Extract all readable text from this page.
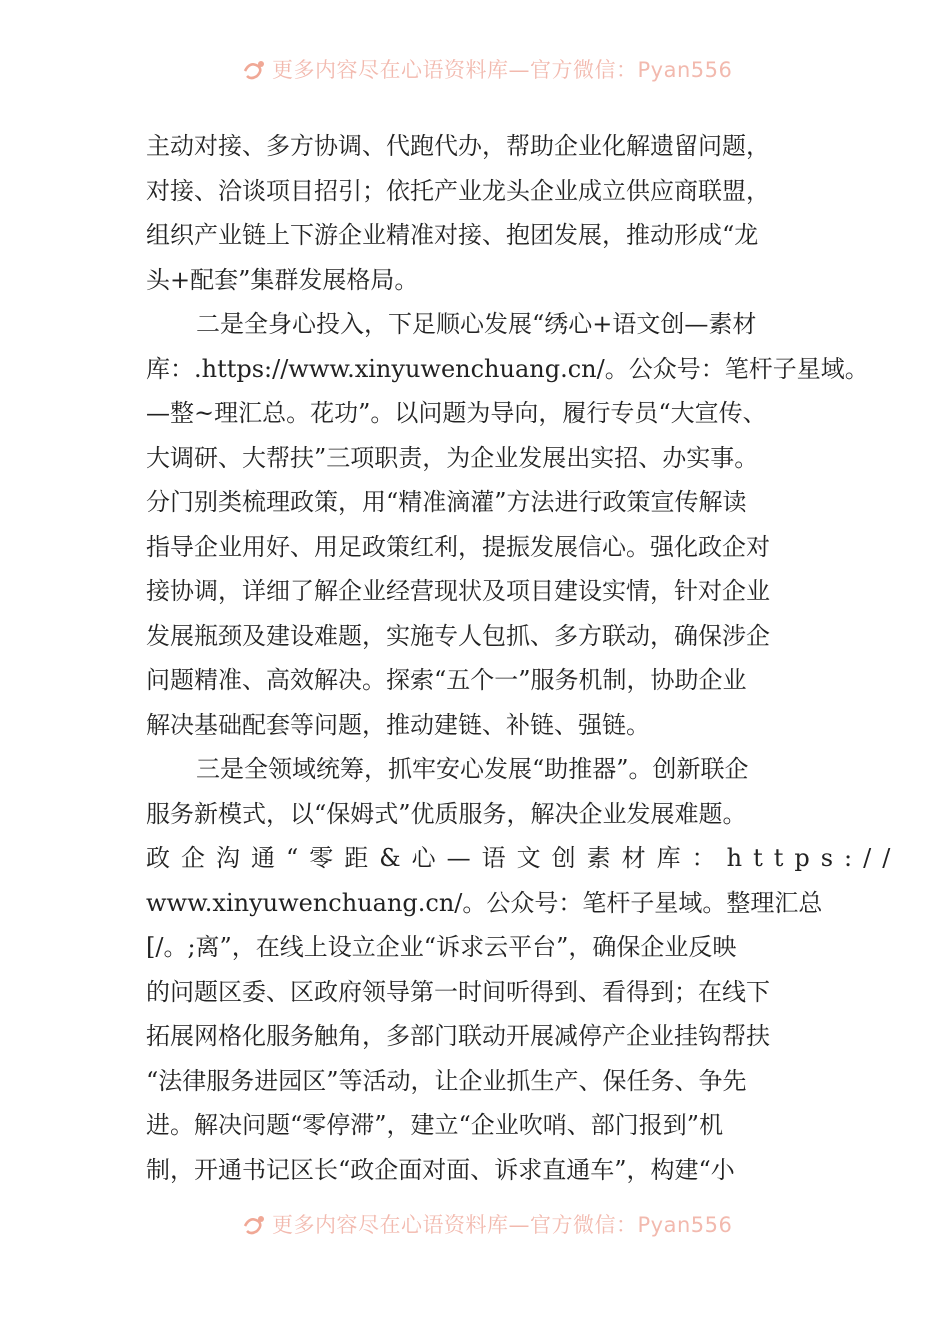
更多内容尽在心语资料库—官方微信：Pyan556
主动对接、多方协调、代跑代办，帮助企业化解遗留问题，
对接、洽谈项目招引；依托产业龙头企业成立供应商联盟，
组织产业链上下游企业精准对接、抱团发展，推动形成“龙
头+配套”集群发展格局。
二是全身心投入，下足顺心发展“绣心+语文创—素材
库：.https://www.xinyuwenchuang.cn/。公众号：笔杆子星域。
—整~理汇总。花功”。以问题为导向，履行专员“大宣传、
大调研、大帮扶”三项职责，为企业发展出实招、办实事。
分门别类梳理政策，用“精准滴灌”方法进行政策宣传解读
指导企业用好、用足政策红利，提振发展信心。强化政企对
接协调，详细了解企业经营现状及项目建设实情，针对企业
发展瓶颈及建设难题，实施专人包抓、多方联动，确保涉企
问题精准、高效解决。探索“五个一”服务机制，协助企业
解决基础配套等问题，推动建链、补链、强链。
三是全领域统筹，抓牢安心发展“助推器”。创新联企
服务新模式，以“保姆式”优质服务，解决企业发展难题。
政企沟通“零距&心—语文创素材库：https://
www.xinyuwenchuang.cn/。公众号：笔杆子星域。整理汇总
[/。;离”，在线上设立企业“诉求云平台”，确保企业反映
的问题区委、区政府领导第一时间听得到、看得到；在线下
拓展网格化服务触角，多部门联动开展减停产企业挂钩帮扶
“法律服务进园区”等活动，让企业抓生产、保任务、争先
进。解决问题“零停滞”，建立“企业吹哨、部门报到”机
制，开通书记区长“政企面对面、诉求直通车”，构建“小
更多内容尽在心语资料库—官方微信：Pyan556
